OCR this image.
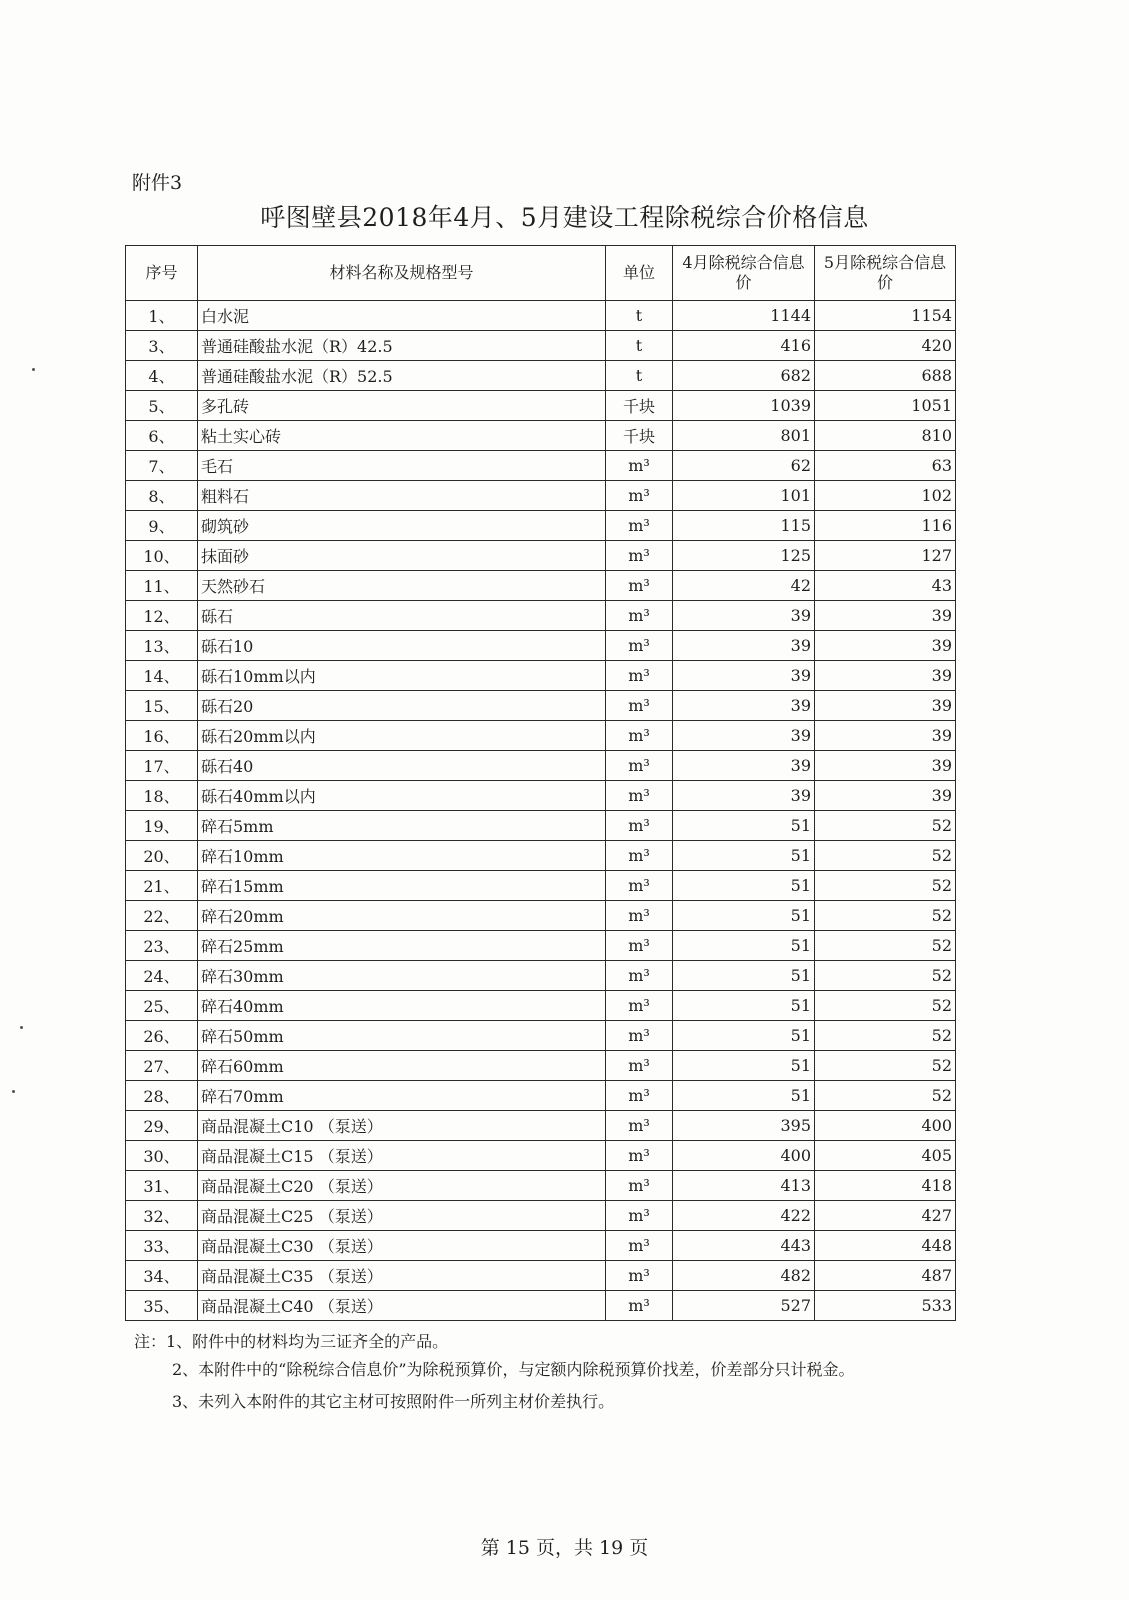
附件3
呼图壁县2018年4月、5月建设工程除税综合价格信息
序号	材料名称及规格型号	单位	4月除税综合信息价	5月除税综合信息价
1、	白水泥	t	1144	1154
3、	普通硅酸盐水泥（R）42.5	t	416	420
4、	普通硅酸盐水泥（R）52.5	t	682	688
5、	多孔砖	千块	1039	1051
6、	粘土实心砖	千块	801	810
7、	毛石	m³	62	63
8、	粗料石	m³	101	102
9、	砌筑砂	m³	115	116
10、	抹面砂	m³	125	127
11、	天然砂石	m³	42	43
12、	砾石	m³	39	39
13、	砾石10	m³	39	39
14、	砾石10mm以内	m³	39	39
15、	砾石20	m³	39	39
16、	砾石20mm以内	m³	39	39
17、	砾石40	m³	39	39
18、	砾石40mm以内	m³	39	39
19、	碎石5mm	m³	51	52
20、	碎石10mm	m³	51	52
21、	碎石15mm	m³	51	52
22、	碎石20mm	m³	51	52
23、	碎石25mm	m³	51	52
24、	碎石30mm	m³	51	52
25、	碎石40mm	m³	51	52
26、	碎石50mm	m³	51	52
27、	碎石60mm	m³	51	52
28、	碎石70mm	m³	51	52
29、	商品混凝土C10 （泵送）	m³	395	400
30、	商品混凝土C15 （泵送）	m³	400	405
31、	商品混凝土C20 （泵送）	m³	413	418
32、	商品混凝土C25 （泵送）	m³	422	427
33、	商品混凝土C30 （泵送）	m³	443	448
34、	商品混凝土C35 （泵送）	m³	482	487
35、	商品混凝土C40 （泵送）	m³	527	533

注：1、附件中的材料均为三证齐全的产品。

2、本附件中的“除税综合信息价”为除税预算价，与定额内除税预算价找差，价差部分只计税金。

3、未列入本附件的其它主材可按照附件一所列主材价差执行。

第 15 页，共 19 页
